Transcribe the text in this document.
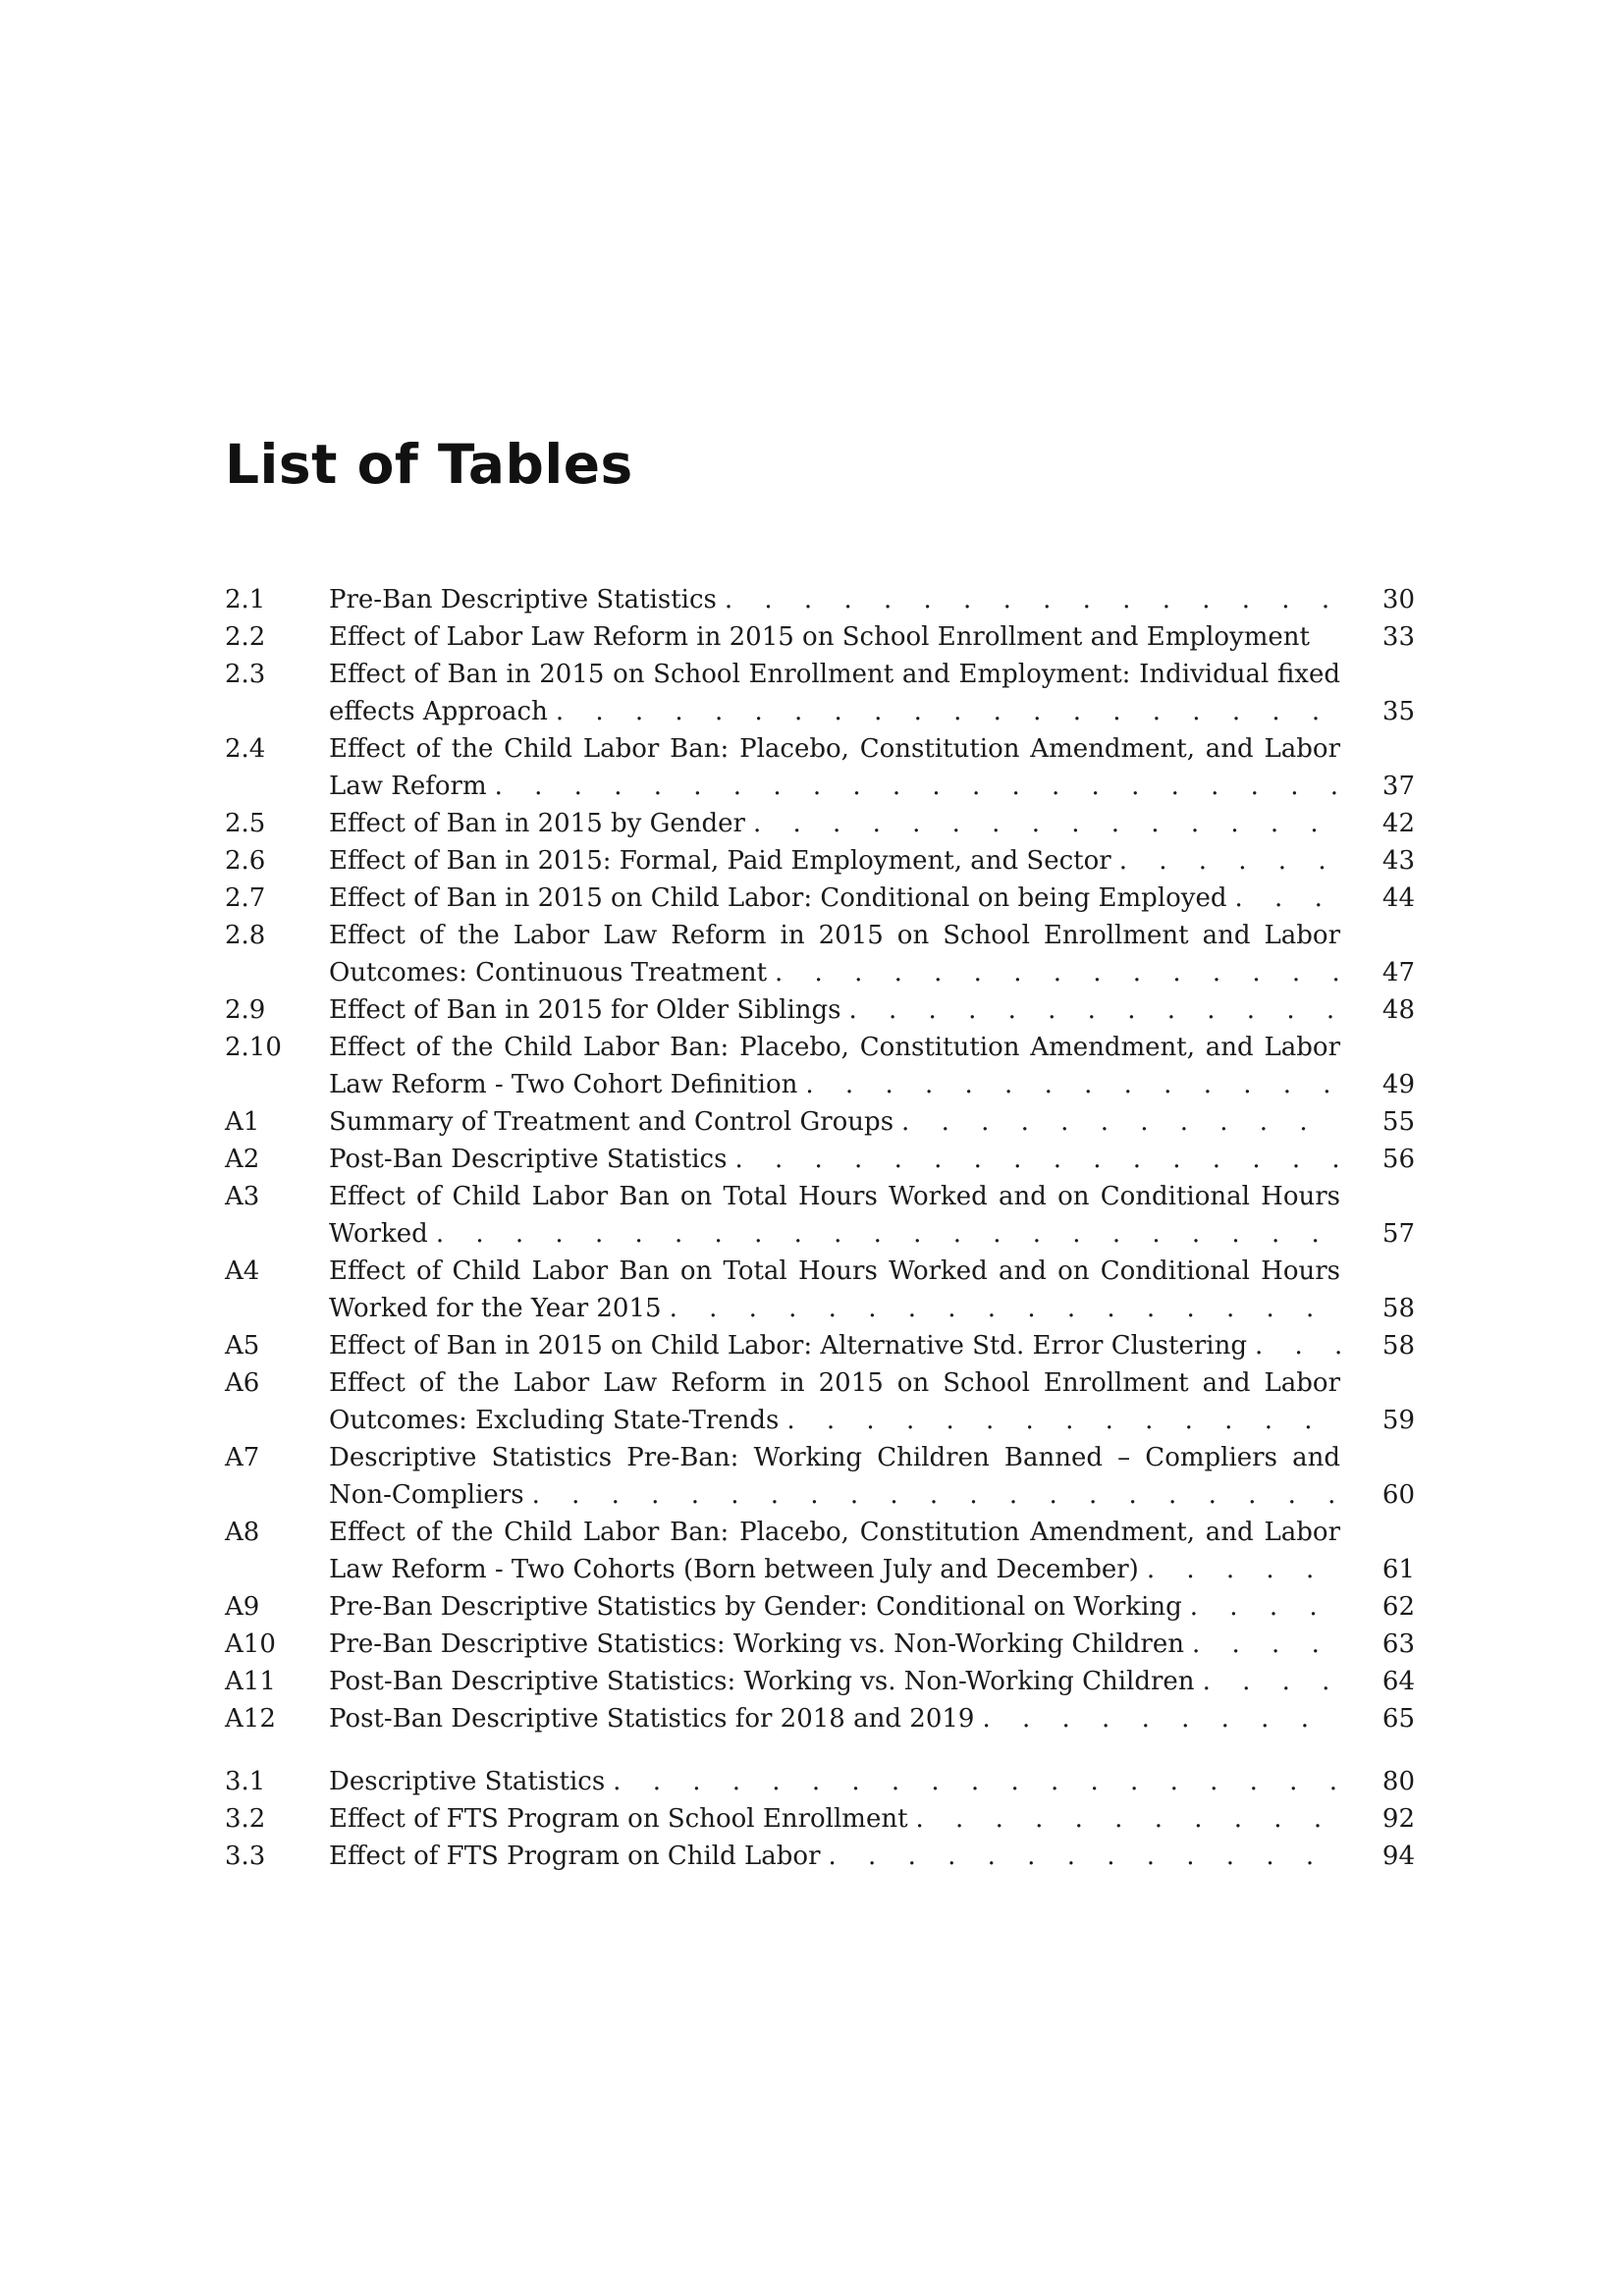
List of Tables
2.1	Pre-Ban Descriptive Statistics . . .	30
2.2	Effect of Labor Law Reform in 2015 on School Enrollment and Employment	33
2.3	Effect of Ban in 2015 on School Enrollment and Employment: Individual fixed
effects Approach . . .	35
2.4	Effect of the Child Labor Ban: Placebo, Constitution Amendment, and Labor
Law Reform . . .	37
2.5	Effect of Ban in 2015 by Gender . . .	42
2.6	Effect of Ban in 2015: Formal, Paid Employment, and Sector . . .	43
2.7	Effect of Ban in 2015 on Child Labor: Conditional on being Employed . . .	44
2.8	Effect of the Labor Law Reform in 2015 on School Enrollment and Labor
Outcomes: Continuous Treatment . . .	47
2.9	Effect of Ban in 2015 for Older Siblings . . .	48
2.10	Effect of the Child Labor Ban: Placebo, Constitution Amendment, and Labor
Law Reform - Two Cohort Definition . . .	49
A1	Summary of Treatment and Control Groups . . .	55
A2	Post-Ban Descriptive Statistics . . .	56
A3	Effect of Child Labor Ban on Total Hours Worked and on Conditional Hours
Worked . . .	57
A4	Effect of Child Labor Ban on Total Hours Worked and on Conditional Hours
Worked for the Year 2015 . . .	58
A5	Effect of Ban in 2015 on Child Labor: Alternative Std. Error Clustering . . .	58
A6	Effect of the Labor Law Reform in 2015 on School Enrollment and Labor
Outcomes: Excluding State-Trends . . .	59
A7	Descriptive Statistics Pre-Ban: Working Children Banned – Compliers and
Non-Compliers . . .	60
A8	Effect of the Child Labor Ban: Placebo, Constitution Amendment, and Labor
Law Reform - Two Cohorts (Born between July and December) . . .	61
A9	Pre-Ban Descriptive Statistics by Gender: Conditional on Working . . .	62
A10	Pre-Ban Descriptive Statistics: Working vs. Non-Working Children . . .	63
A11	Post-Ban Descriptive Statistics: Working vs. Non-Working Children . . .	64
A12	Post-Ban Descriptive Statistics for 2018 and 2019 . . .	65
3.1	Descriptive Statistics . . .	80
3.2	Effect of FTS Program on School Enrollment . . .	92
3.3	Effect of FTS Program on Child Labor . . .	94
